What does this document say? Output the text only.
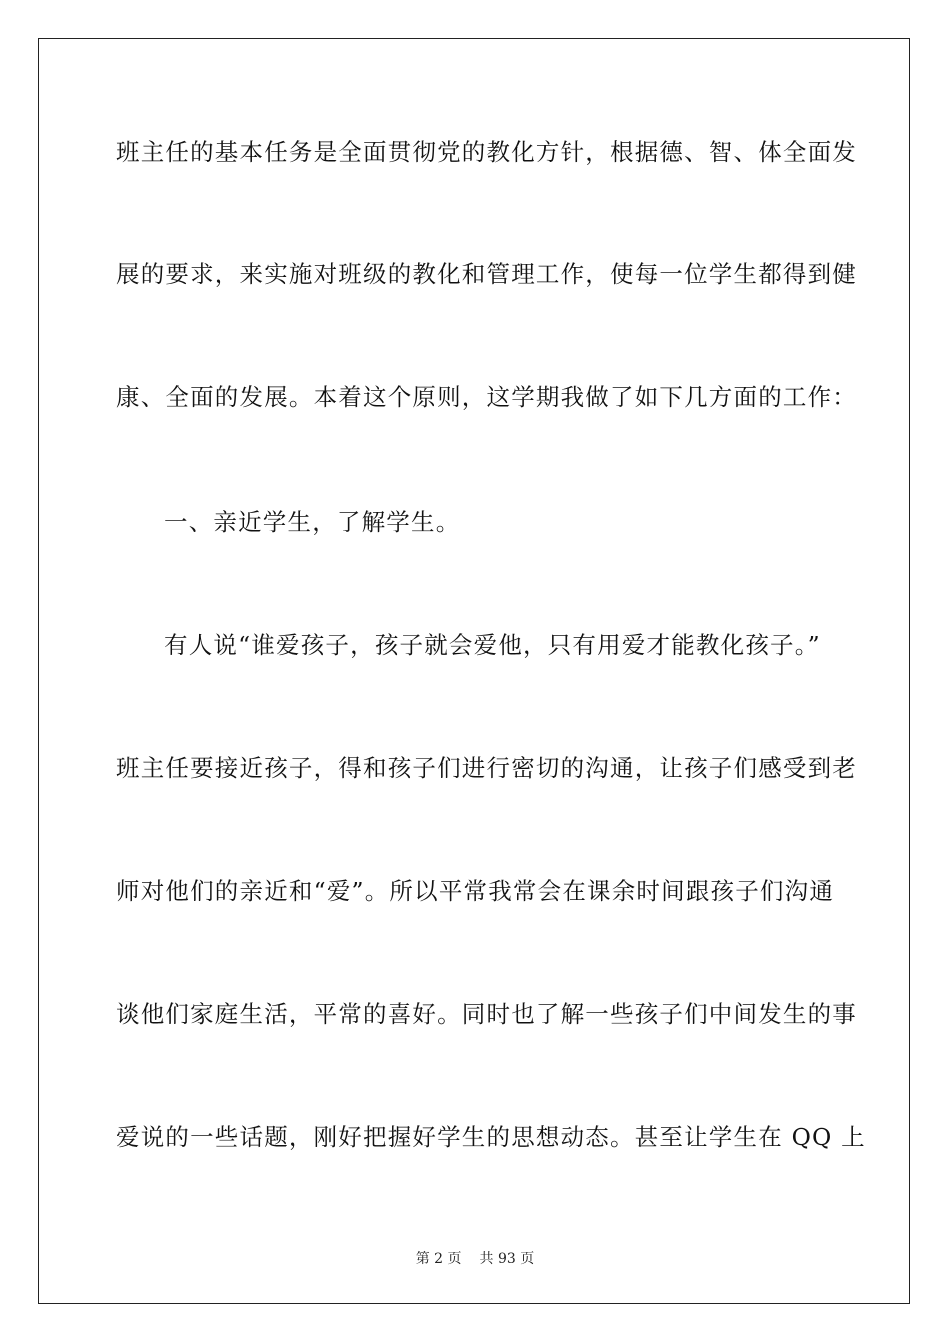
班主任的基本任务是全面贯彻党的教化方针，根据德、智、体全面发
展的要求，来实施对班级的教化和管理工作，使每一位学生都得到健
康、全面的发展。本着这个原则，这学期我做了如下几方面的工作：
一、亲近学生，了解学生。
有人说“谁爱孩子，孩子就会爱他，只有用爱才能教化孩子。”
班主任要接近孩子，得和孩子们进行密切的沟通，让孩子们感受到老
师对他们的亲近和“爱”。所以平常我常会在课余时间跟孩子们沟通
谈他们家庭生活，平常的喜好。同时也了解一些孩子们中间发生的事
爱说的一些话题，刚好把握好学生的思想动态。甚至让学生在 QQ 上
第 2 页 共 93 页
